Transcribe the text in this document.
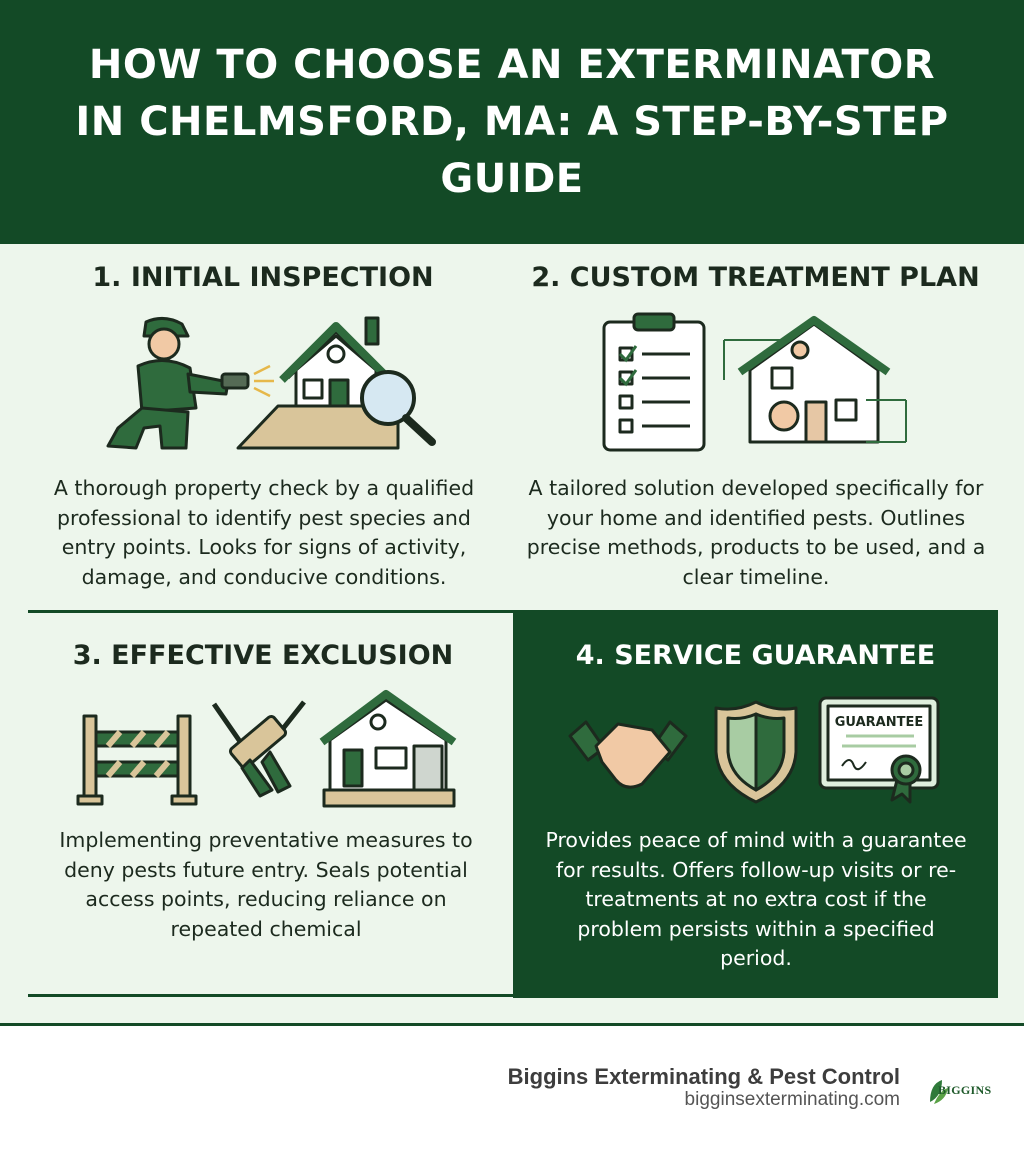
HOW TO CHOOSE AN EXTERMINATOR IN CHELMSFORD, MA: A STEP-BY-STEP GUIDE
1. INITIAL INSPECTION

A thorough property check by a qualified professional to identify pest species and entry points. Looks for signs of activity, damage, and conducive conditions.

2. CUSTOM TREATMENT PLAN

A tailored solution developed specifically for your home and identified pests. Outlines precise methods, products to be used, and a clear timeline.

3. EFFECTIVE EXCLUSION

Implementing preventative measures to deny pests future entry. Seals potential access points, reducing reliance on repeated chemical

4. SERVICE GUARANTEE
GUARANTEE

Provides peace of mind with a guarantee for results. Offers follow-up visits or re-treatments at no extra cost if the problem persists within a specified period.

Biggins Exterminating & Pest Control

bigginsexterminating.com	BIGGINS
